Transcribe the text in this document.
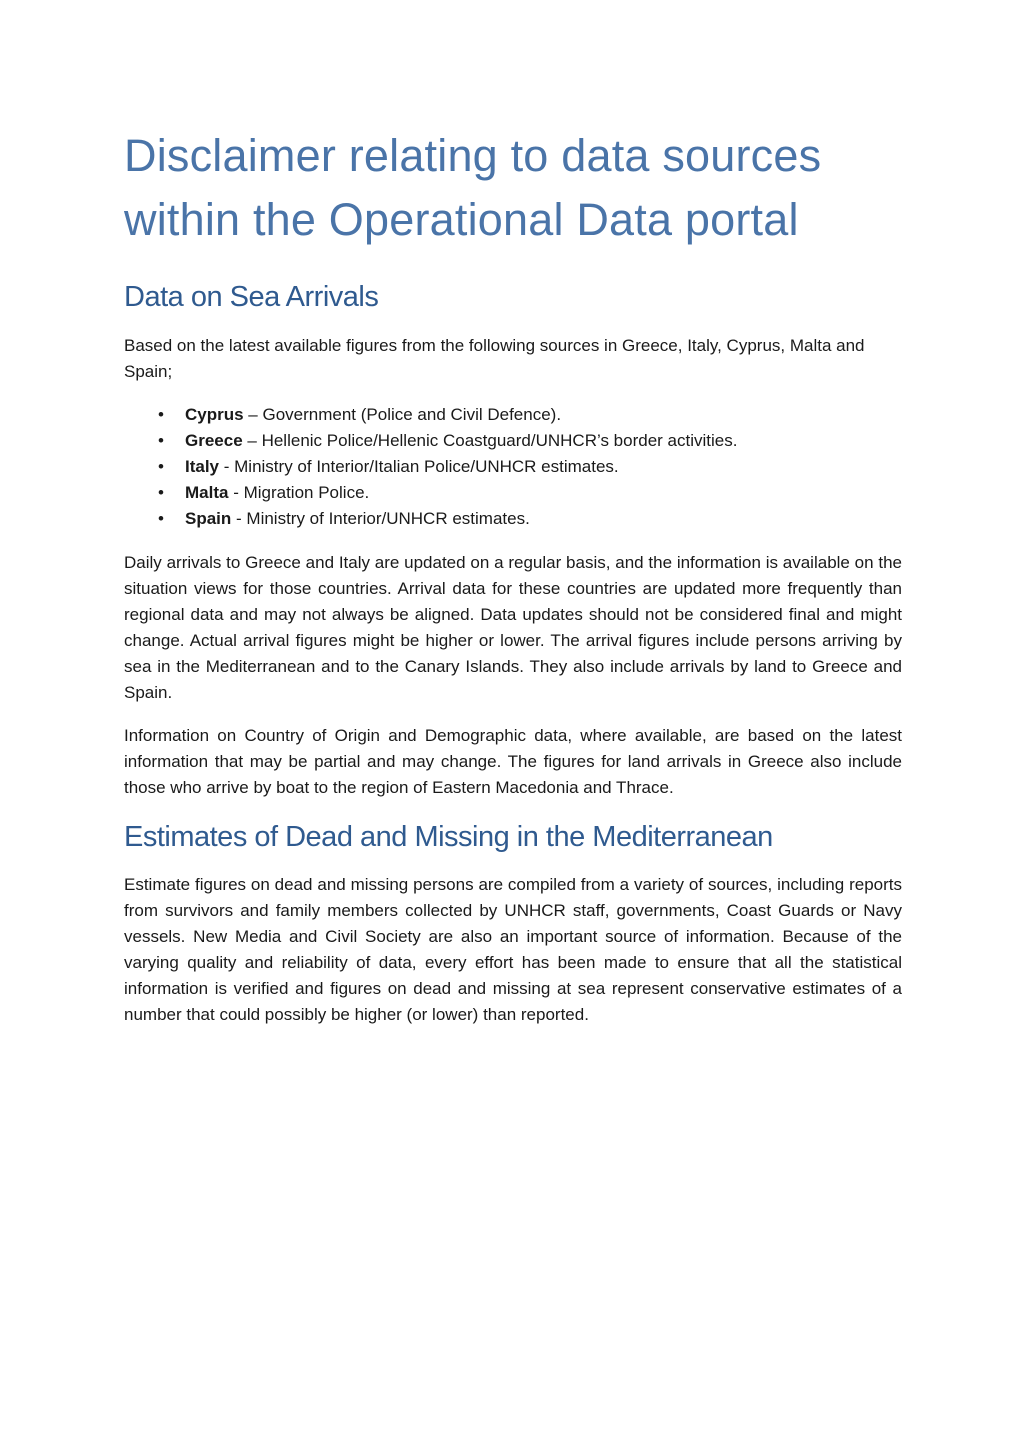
Disclaimer relating to data sources within the Operational Data portal
Data on Sea Arrivals

Based on the latest available figures from the following sources in Greece, Italy, Cyprus, Malta and Spain;

• Cyprus – Government (Police and Civil Defence).
• Greece – Hellenic Police/Hellenic Coastguard/UNHCR’s border activities.
• Italy - Ministry of Interior/Italian Police/UNHCR estimates.
• Malta - Migration Police.
• Spain - Ministry of Interior/UNHCR estimates.

Daily arrivals to Greece and Italy are updated on a regular basis, and the information is available on the situation views for those countries. Arrival data for these countries are updated more frequently than regional data and may not always be aligned. Data updates should not be considered final and might change. Actual arrival figures might be higher or lower. The arrival figures include persons arriving by sea in the Mediterranean and to the Canary Islands. They also include arrivals by land to Greece and Spain.

Information on Country of Origin and Demographic data, where available, are based on the latest information that may be partial and may change. The figures for land arrivals in Greece also include those who arrive by boat to the region of Eastern Macedonia and Thrace.

Estimates of Dead and Missing in the Mediterranean

Estimate figures on dead and missing persons are compiled from a variety of sources, including reports from survivors and family members collected by UNHCR staff, governments, Coast Guards or Navy vessels. New Media and Civil Society are also an important source of information. Because of the varying quality and reliability of data, every effort has been made to ensure that all the statistical information is verified and figures on dead and missing at sea represent conservative estimates of a number that could possibly be higher (or lower) than reported.
